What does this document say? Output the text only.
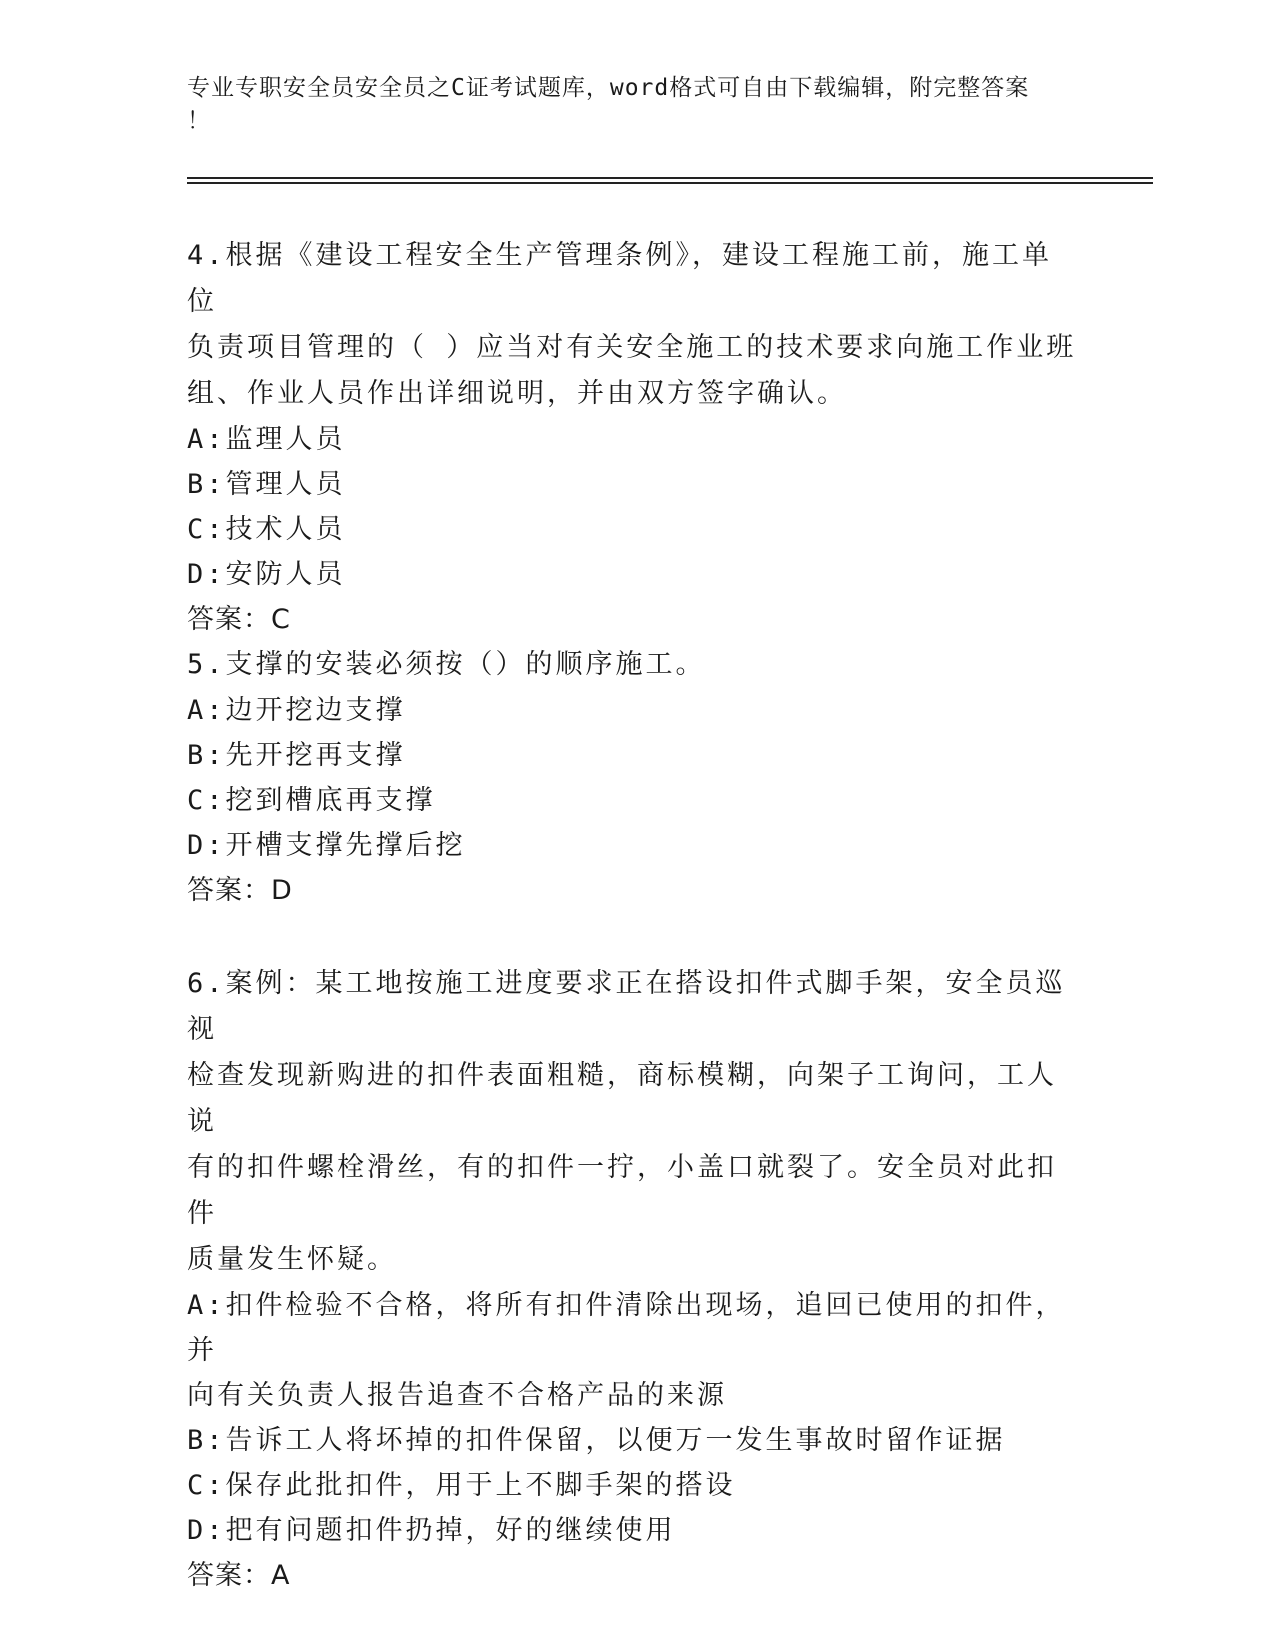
专业专职安全员安全员之C证考试题库，word格式可自由下载编辑，附完整答案
！

4.根据《建设工程安全生产管理条例》，建设工程施工前，施工单位

负责项目管理的（ ）应当对有关安全施工的技术要求向施工作业班

组、作业人员作出详细说明，并由双方签字确认。

A:监理人员

B:管理人员

C:技术人员

D:安防人员

答案：C

5.支撑的安装必须按（）的顺序施工。

A:边开挖边支撑

B:先开挖再支撑

C:挖到槽底再支撑

D:开槽支撑先撑后挖

答案：D

6.案例：某工地按施工进度要求正在搭设扣件式脚手架，安全员巡视

检查发现新购进的扣件表面粗糙，商标模糊，向架子工询问，工人说

有的扣件螺栓滑丝，有的扣件一拧，小盖口就裂了。安全员对此扣件

质量发生怀疑。

A:扣件检验不合格，将所有扣件清除出现场，追回已使用的扣件，并

向有关负责人报告追查不合格产品的来源

B:告诉工人将坏掉的扣件保留，以便万一发生事故时留作证据

C:保存此批扣件，用于上不脚手架的搭设

D:把有问题扣件扔掉，好的继续使用

答案：A
